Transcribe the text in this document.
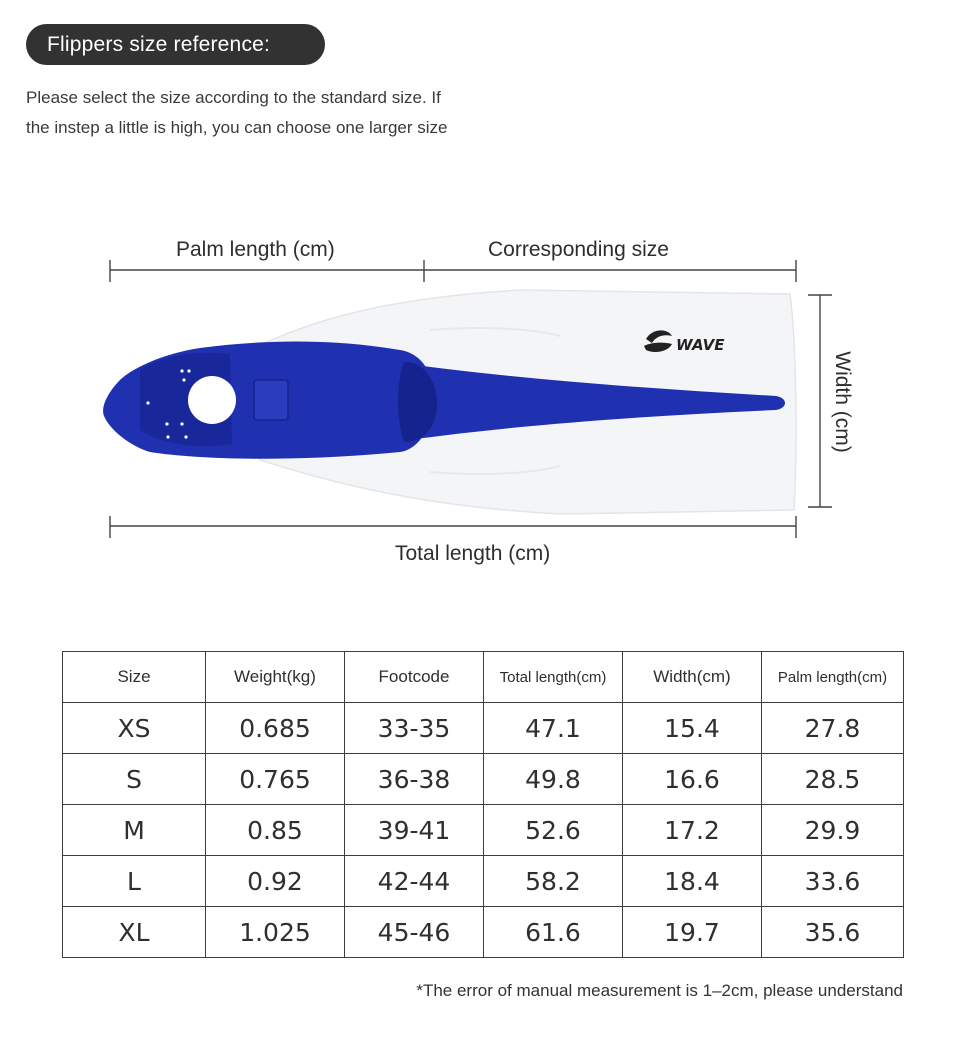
Flippers size reference:
Please select the size according to the standard size. If
the instep a little is high, you can choose one larger size
WAVE
Palm length (cm)	Corresponding size
Total length (cm)
Width (cm)
Size	Weight(kg)	Footcode	Total length(cm)	Width(cm)	Palm length(cm)
XS	0.685	33-35	47.1	15.4	27.8
S	0.765	36-38	49.8	16.6	28.5
M	0.85	39-41	52.6	17.2	29.9
L	0.92	42-44	58.2	18.4	33.6
XL	1.025	45-46	61.6	19.7	35.6
*The error of manual measurement is 1–2cm, please understand
